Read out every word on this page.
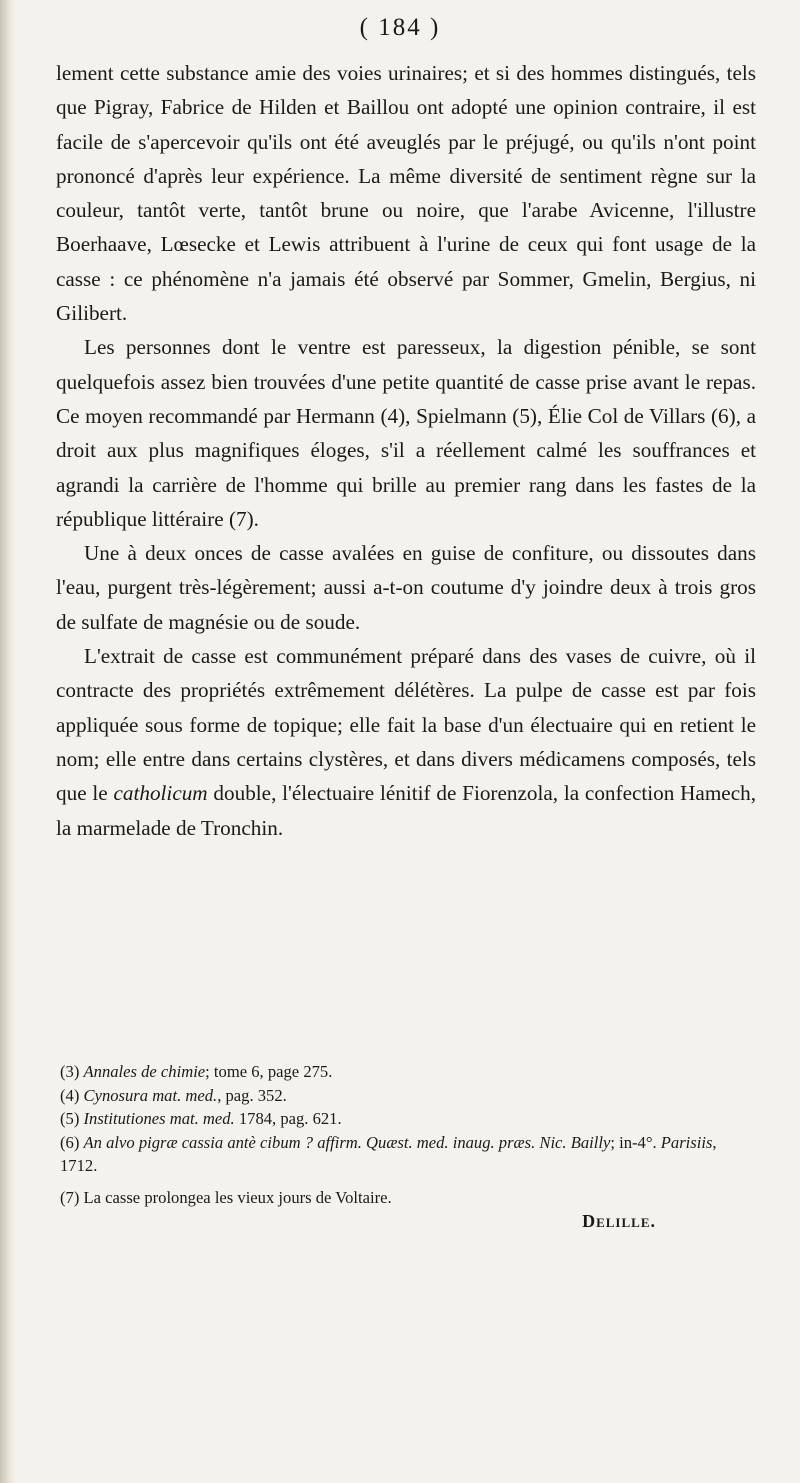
( 184 )

lement cette substance amie des voies urinaires; et si des hommes distingués, tels que Pigray, Fabrice de Hilden et Baillou ont adopté une opinion contraire, il est facile de s'apercevoir qu'ils ont été aveuglés par le préjugé, ou qu'ils n'ont point prononcé d'après leur expérience. La même diversité de sentiment règne sur la couleur, tantôt verte, tantôt brune ou noire, que l'arabe Avicenne, l'illustre Boerhaave, Lœsecke et Lewis attribuent à l'urine de ceux qui font usage de la casse : ce phénomène n'a jamais été observé par Sommer, Gmelin, Bergius, ni Gilibert.

Les personnes dont le ventre est paresseux, la digestion pénible, se sont quelquefois assez bien trouvées d'une petite quantité de casse prise avant le repas. Ce moyen recommandé par Hermann (4), Spielmann (5), Élie Col de Villars (6), a droit aux plus magnifiques éloges, s'il a réellement calmé les souffrances et agrandi la carrière de l'homme qui brille au premier rang dans les fastes de la république littéraire (7).

Une à deux onces de casse avalées en guise de confiture, ou dissoutes dans l'eau, purgent très-légèrement; aussi a-t-on coutume d'y joindre deux à trois gros de sulfate de magnésie ou de soude.

L'extrait de casse est communément préparé dans des vases de cuivre, où il contracte des propriétés extrêmement délétères. La pulpe de casse est par fois appliquée sous forme de topique; elle fait la base d'un électuaire qui en retient le nom; elle entre dans certains clystères, et dans divers médicamens composés, tels que le catholicum double, l'électuaire lénitif de Fiorenzola, la confection Hamech, la marmelade de Tronchin.

(3) Annales de chimie; tome 6, page 275.

(4) Cynosura mat. med., pag. 352.

(5) Institutiones mat. med. 1784, pag. 621.

(6) An alvo pigræ cassia antè cibum ? affirm. Quæst. med. inaug. præs. Nic. Bailly; in-4°. Parisiis, 1712.

(7) La casse prolongea les vieux jours de Voltaire.

Delille.
